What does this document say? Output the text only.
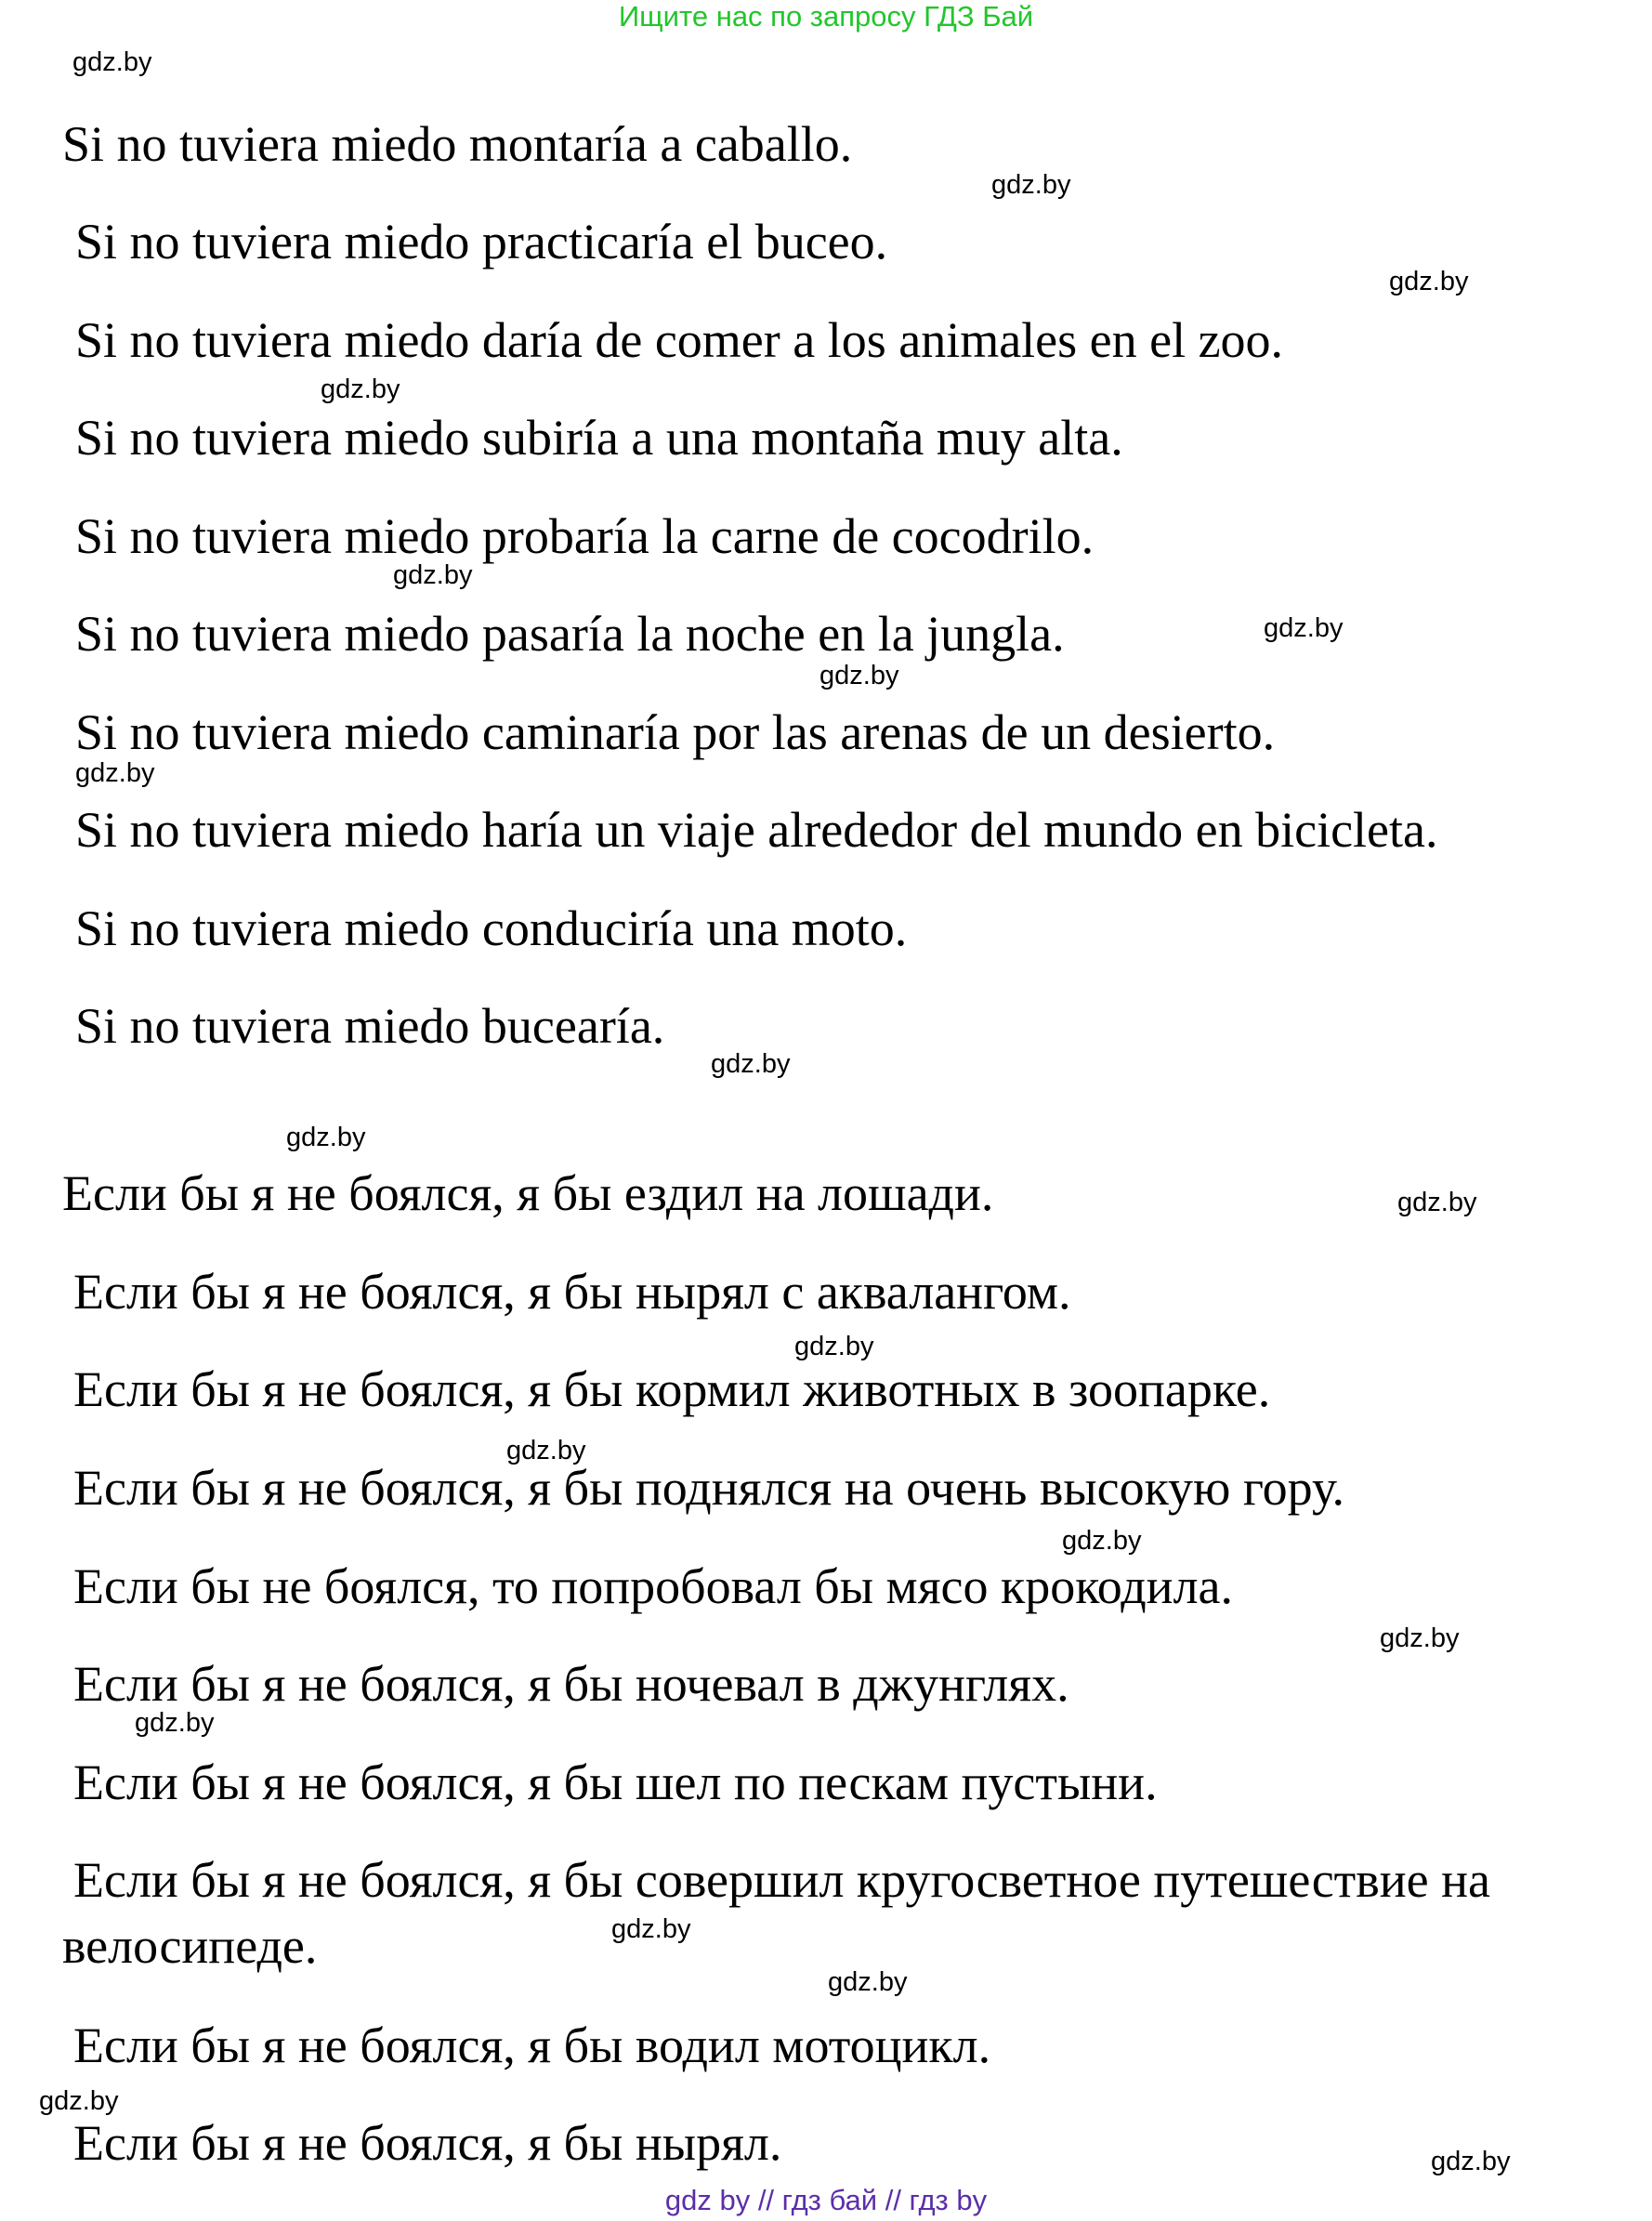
Ищите нас по запросу ГДЗ Бай
Si no tuviera miedo montaría a caballo.
Si no tuviera miedo practicaría el buceo.
Si no tuviera miedo daría de comer a los animales en el zoo.
Si no tuviera miedo subiría a una montaña muy alta.
Si no tuviera miedo probaría la carne de cocodrilo.
Si no tuviera miedo pasaría la noche en la jungla.
Si no tuviera miedo caminaría por las arenas de un desierto.
Si no tuviera miedo haría un viaje alrededor del mundo en bicicleta.
Si no tuviera miedo conduciría una moto.
Si no tuviera miedo bucearía.
Если бы я не боялся, я бы ездил на лошади.
Если бы я не боялся, я бы нырял с аквалангом.
Если бы я не боялся, я бы кормил животных в зоопарке.
Если бы я не боялся, я бы поднялся на очень высокую гору.
Если бы не боялся, то попробовал бы мясо крокодила.
Если бы я не боялся, я бы ночевал в джунглях.
Если бы я не боялся, я бы шел по пескам пустыни.
Если бы я не боялся, я бы совершил кругосветное путешествие на
велосипеде.
Если бы я не боялся, я бы водил мотоцикл.
Если бы я не боялся, я бы нырял.
gdz.by
gdz.by
gdz.by
gdz.by
gdz.by
gdz.by
gdz.by
gdz.by
gdz.by
gdz.by
gdz.by
gdz.by
gdz.by
gdz.by
gdz.by
gdz.by
gdz.by
gdz.by
gdz.by
gdz.by
gdz by // гдз бай // гдз by
